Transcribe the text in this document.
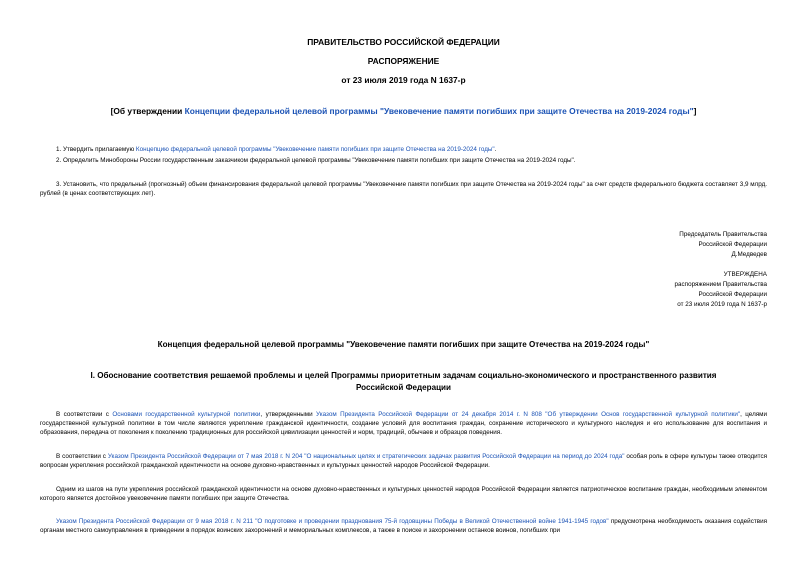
ПРАВИТЕЛЬСТВО РОССИЙСКОЙ ФЕДЕРАЦИИ
РАСПОРЯЖЕНИЕ
от 23 июля 2019 года N 1637-р
[Об утверждении Концепции федеральной целевой программы "Увековечение памяти погибших при защите Отечества на 2019-2024 годы"]
1. Утвердить прилагаемую Концепцию федеральной целевой программы "Увековечение памяти погибших при защите Отечества на 2019-2024 годы".
2. Определить Минобороны России государственным заказчиком федеральной целевой программы "Увековечение памяти погибших при защите Отечества на 2019-2024 годы".
3. Установить, что предельный (прогнозный) объем финансирования федеральной целевой программы "Увековечение памяти погибших при защите Отечества на 2019-2024 годы" за счет средств федерального бюджета составляет 3,9 млрд. рублей (в ценах соответствующих лет).
Председатель Правительства
Российской Федерации
Д.Медведев
УТВЕРЖДЕНА
распоряжением Правительства
Российской Федерации
от 23 июля 2019 года N 1637-р
Концепция федеральной целевой программы "Увековечение памяти погибших при защите Отечества на 2019-2024 годы"
I. Обоснование соответствия решаемой проблемы и целей Программы приоритетным задачам социально-экономического и пространственного развития
Российской Федерации
В соответствии с Основами государственной культурной политики, утвержденными Указом Президента Российской Федерации от 24 декабря 2014 г. N 808 "Об утверждении Основ государственной культурной политики", целями государственной культурной политики в том числе являются укрепление гражданской идентичности, создание условий для воспитания граждан, сохранение исторического и культурного наследия и его использование для воспитания и образования, передача от поколения к поколению традиционных для российской цивилизации ценностей и норм, традиций, обычаев и образцов поведения.
В соответствии с Указом Президента Российской Федерации от 7 мая 2018 г. N 204 "О национальных целях и стратегических задачах развития Российской Федерации на период до 2024 года" особая роль в сфере культуры также отводится вопросам укрепления российской гражданской идентичности на основе духовно-нравственных и культурных ценностей народов Российской Федерации.
Одним из шагов на пути укрепления российской гражданской идентичности на основе духовно-нравственных и культурных ценностей народов Российской Федерации является патриотическое воспитание граждан, необходимым элементом которого является достойное увековечение памяти погибших при защите Отечества.
Указом Президента Российской Федерации от 9 мая 2018 г. N 211 "О подготовке и проведении празднования 75-й годовщины Победы в Великой Отечественной войне 1941-1945 годов" предусмотрена необходимость оказания содействия органам местного самоуправления в приведении в порядок воинских захоронений и мемориальных комплексов, а также в поиске и захоронении останков воинов, погибших при
